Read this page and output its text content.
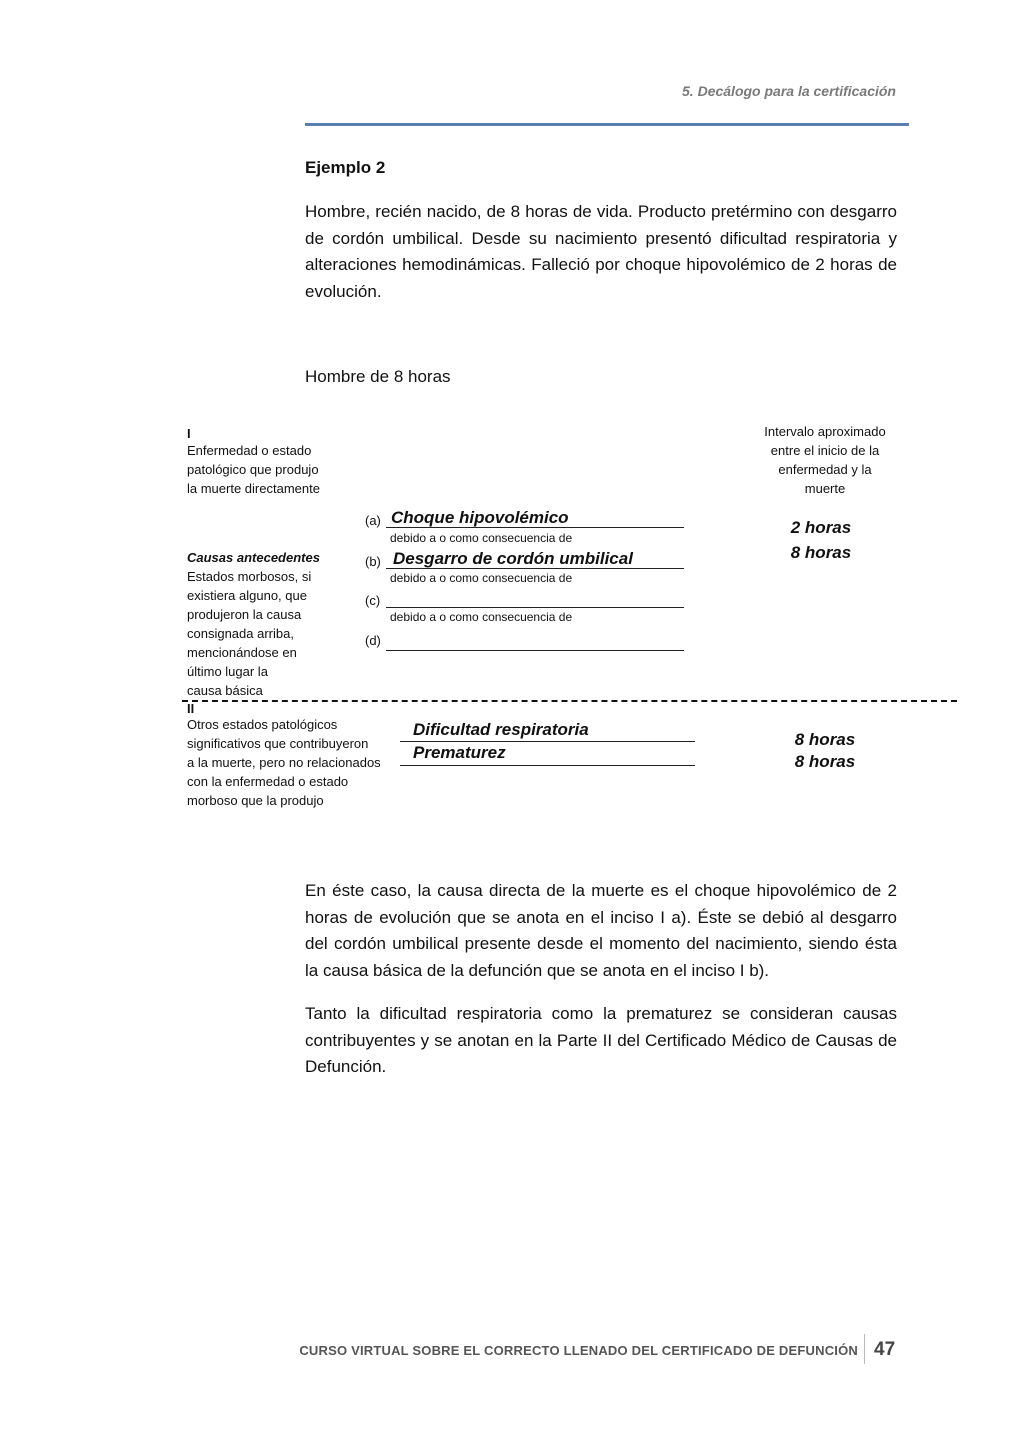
5. Decálogo para la certificación
Ejemplo 2
Hombre, recién nacido, de 8 horas de vida. Producto pretérmino con desgarro de cordón umbilical. Desde su nacimiento presentó dificultad respiratoria y alteraciones hemodinámicas. Falleció por choque hipovolémico de 2 horas de evolución.
Hombre de 8 horas
I
Enfermedad o estado
patológico que produjo
la muerte directamente
Intervalo aproximado
entre el inicio de la
enfermedad y la
muerte
Causas antecedentes
Estados morbosos, si
existiera alguno, que
produjeron la causa
consignada arriba,
mencionándose en
último lugar la
causa básica
(a) Choque hipovolémico
debido a o como consecuencia de
(b) Desgarro de cordón umbilical
debido a o como consecuencia de
(c)
debido a o como consecuencia de
(d)
2 horas
8 horas
II
Otros estados patológicos
significativos que contribuyeron
a la muerte, pero no relacionados
con la enfermedad o estado
morboso que la produjo
Dificultad respiratoria
Prematurez
8 horas
8 horas
En éste caso, la causa directa de la muerte es el choque hipovolémico de 2 horas de evolución que se anota en el inciso I a). Éste se debió al desgarro del cordón umbilical presente desde el momento del nacimiento, siendo ésta la causa básica de la defunción que se anota en el inciso I b).
Tanto la dificultad respiratoria como la prematurez se consideran causas contribuyentes y se anotan en la Parte II del Certificado Médico de Causas de Defunción.
CURSO VIRTUAL SOBRE EL CORRECTO LLENADO DEL CERTIFICADO DE DEFUNCIÓN 47
